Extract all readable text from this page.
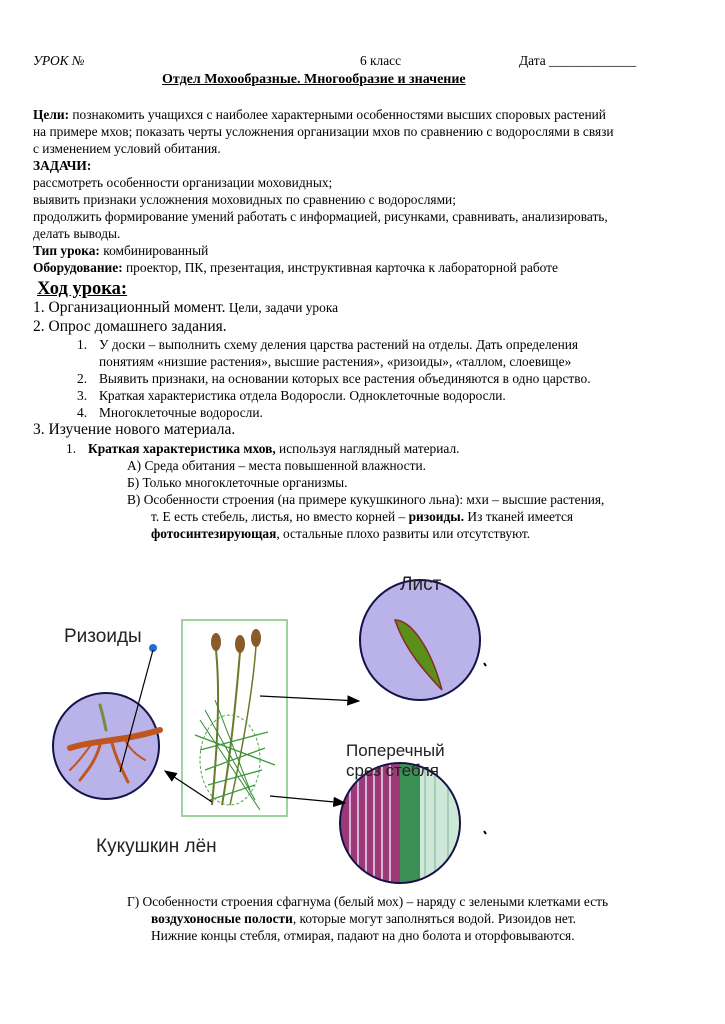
УРОК №	6 класс	Дата _____________
Отдел Мохообразные. Многообразие и значение
Цели: познакомить учащихся с наиболее характерными особенностями высших споровых растений
на примере мхов; показать черты усложнения организации мхов по сравнению с водорослями в связи
с изменением условий обитания.
ЗАДАЧИ:
рассмотреть особенности организации моховидных;
выявить признаки усложнения моховидных по сравнению с водорослями;
продолжить формирование умений работать с информацией, рисунками, сравнивать, анализировать,
делать выводы.
Тип урока: комбинированный
Оборудование: проектор, ПК, презентация, инструктивная карточка к лабораторной работе
Ход урока:
1. Организационный момент. Цели, задачи урока
2. Опрос домашнего задания.
1. У доски – выполнить схему деления царства растений на отделы. Дать определения
понятиям «низшие растения», высшие растения», «ризоиды», «таллом, слоевище»
2. Выявить признаки, на основании которых все растения объединяются в одно царство.
3. Краткая характеристика отдела Водоросли. Одноклеточные водоросли.
4. Многоклеточные водоросли.
3. Изучение нового материала.
1. Краткая характеристика мхов, используя наглядный материал.
А) Среда обитания – места повышенной влажности.
Б) Только многоклеточные организмы.
В) Особенности строения (на примере кукушкиного льна): мхи – высшие растения,
т. Е есть стебель, листья, но вместо корней – ризоиды. Из тканей имеется
фотосинтезирующая, остальные плохо развиты или отсутствуют.
Ризоиды
Лист
Поперечный
срез стебля
Кукушкин лён
Г) Особенности строения сфагнума (белый мох) – наряду с зелеными клетками есть
воздухоносные полости, которые могут заполняться водой. Ризоидов нет.
Нижние концы стебля, отмирая, падают на дно болота и оторфовываются.
